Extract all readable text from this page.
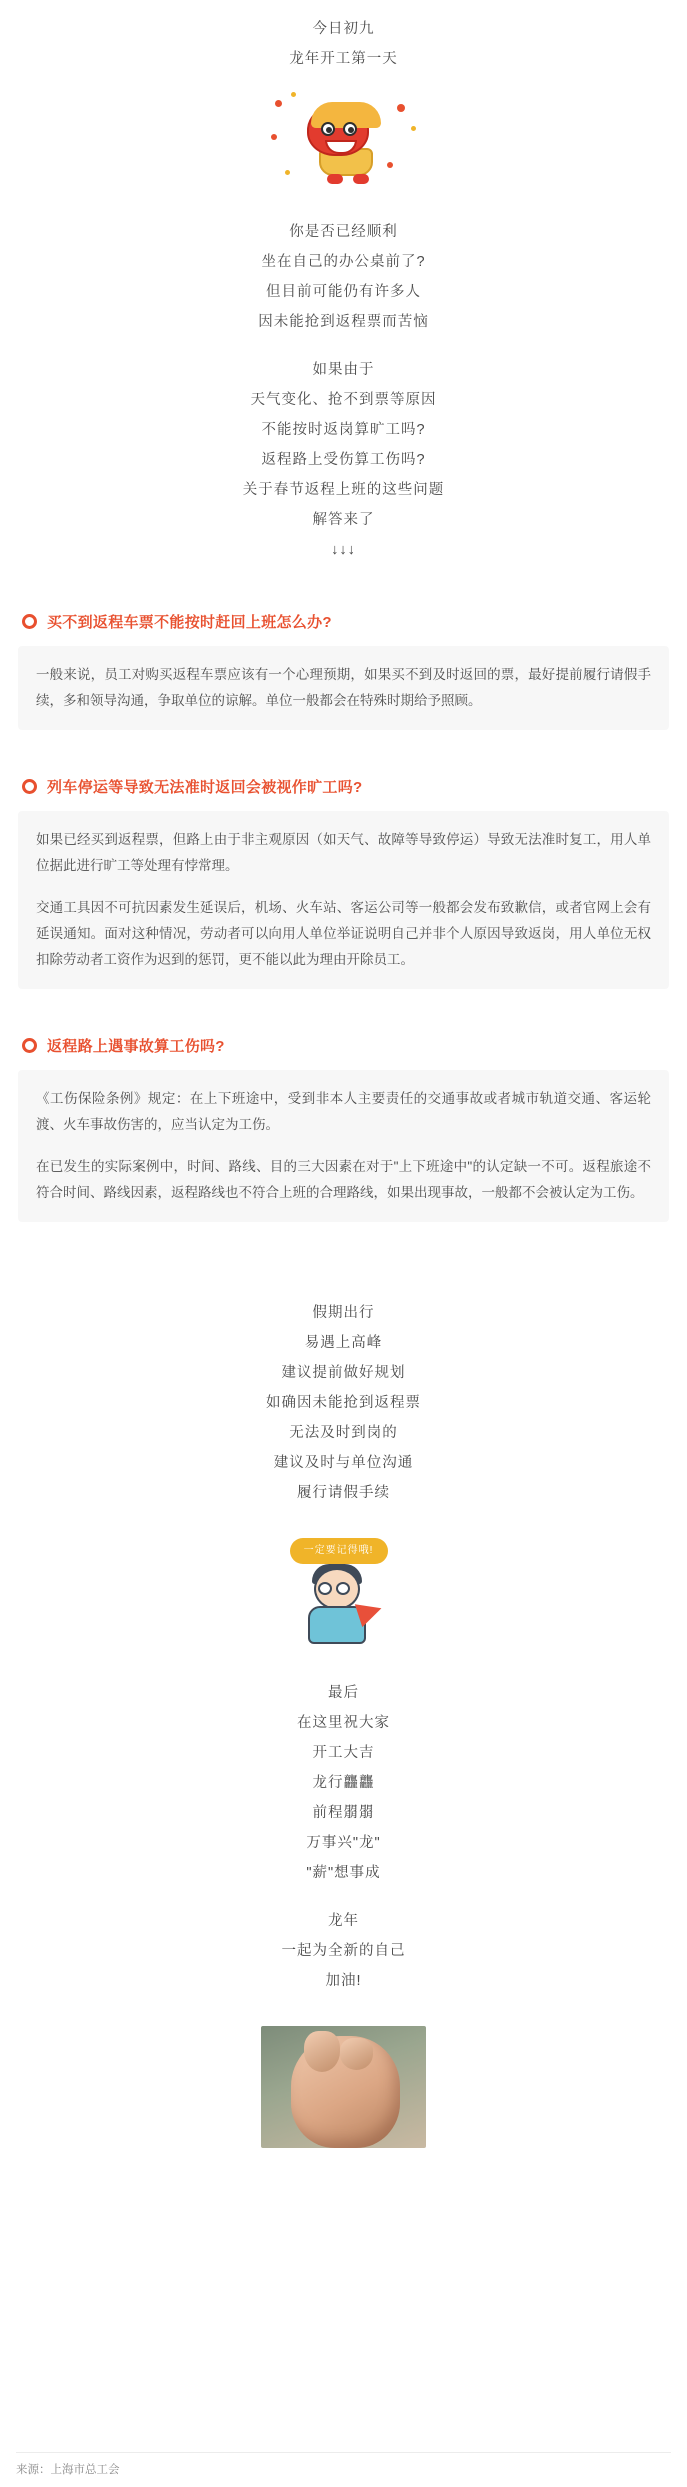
今日初九
龙年开工第一天
你是否已经顺利
坐在自己的办公桌前了?
但目前可能仍有许多人
因未能抢到返程票而苦恼
如果由于
天气变化、抢不到票等原因
不能按时返岗算旷工吗?
返程路上受伤算工伤吗?
关于春节返程上班的这些问题
解答来了
↓↓↓
买不到返程车票不能按时赶回上班怎么办?

一般来说，员工对购买返程车票应该有一个心理预期，如果买不到及时返回的票，最好提前履行请假手续，多和领导沟通，争取单位的谅解。单位一般都会在特殊时期给予照顾。

列车停运等导致无法准时返回会被视作旷工吗?

如果已经买到返程票，但路上由于非主观原因（如天气、故障等导致停运）导致无法准时复工，用人单位据此进行旷工等处理有悖常理。

交通工具因不可抗因素发生延误后，机场、火车站、客运公司等一般都会发布致歉信，或者官网上会有延误通知。面对这种情况，劳动者可以向用人单位举证说明自己并非个人原因导致返岗，用人单位无权扣除劳动者工资作为迟到的惩罚，更不能以此为理由开除员工。

返程路上遇事故算工伤吗?

《工伤保险条例》规定：在上下班途中，受到非本人主要责任的交通事故或者城市轨道交通、客运轮渡、火车事故伤害的，应当认定为工伤。

在已发生的实际案例中，时间、路线、目的三大因素在对于"上下班途中"的认定缺一不可。返程旅途不符合时间、路线因素，返程路线也不符合上班的合理路线，如果出现事故，一般都不会被认定为工伤。

假期出行
易遇上高峰
建议提前做好规划
如确因未能抢到返程票
无法及时到岗的
建议及时与单位沟通
履行请假手续
一定要记得哦!
最后
在这里祝大家
开工大吉
龙行龘龘
前程朤朤
万事兴"龙"
"薪"想事成
龙年
一起为全新的自己
加油!
来源：上海市总工会
